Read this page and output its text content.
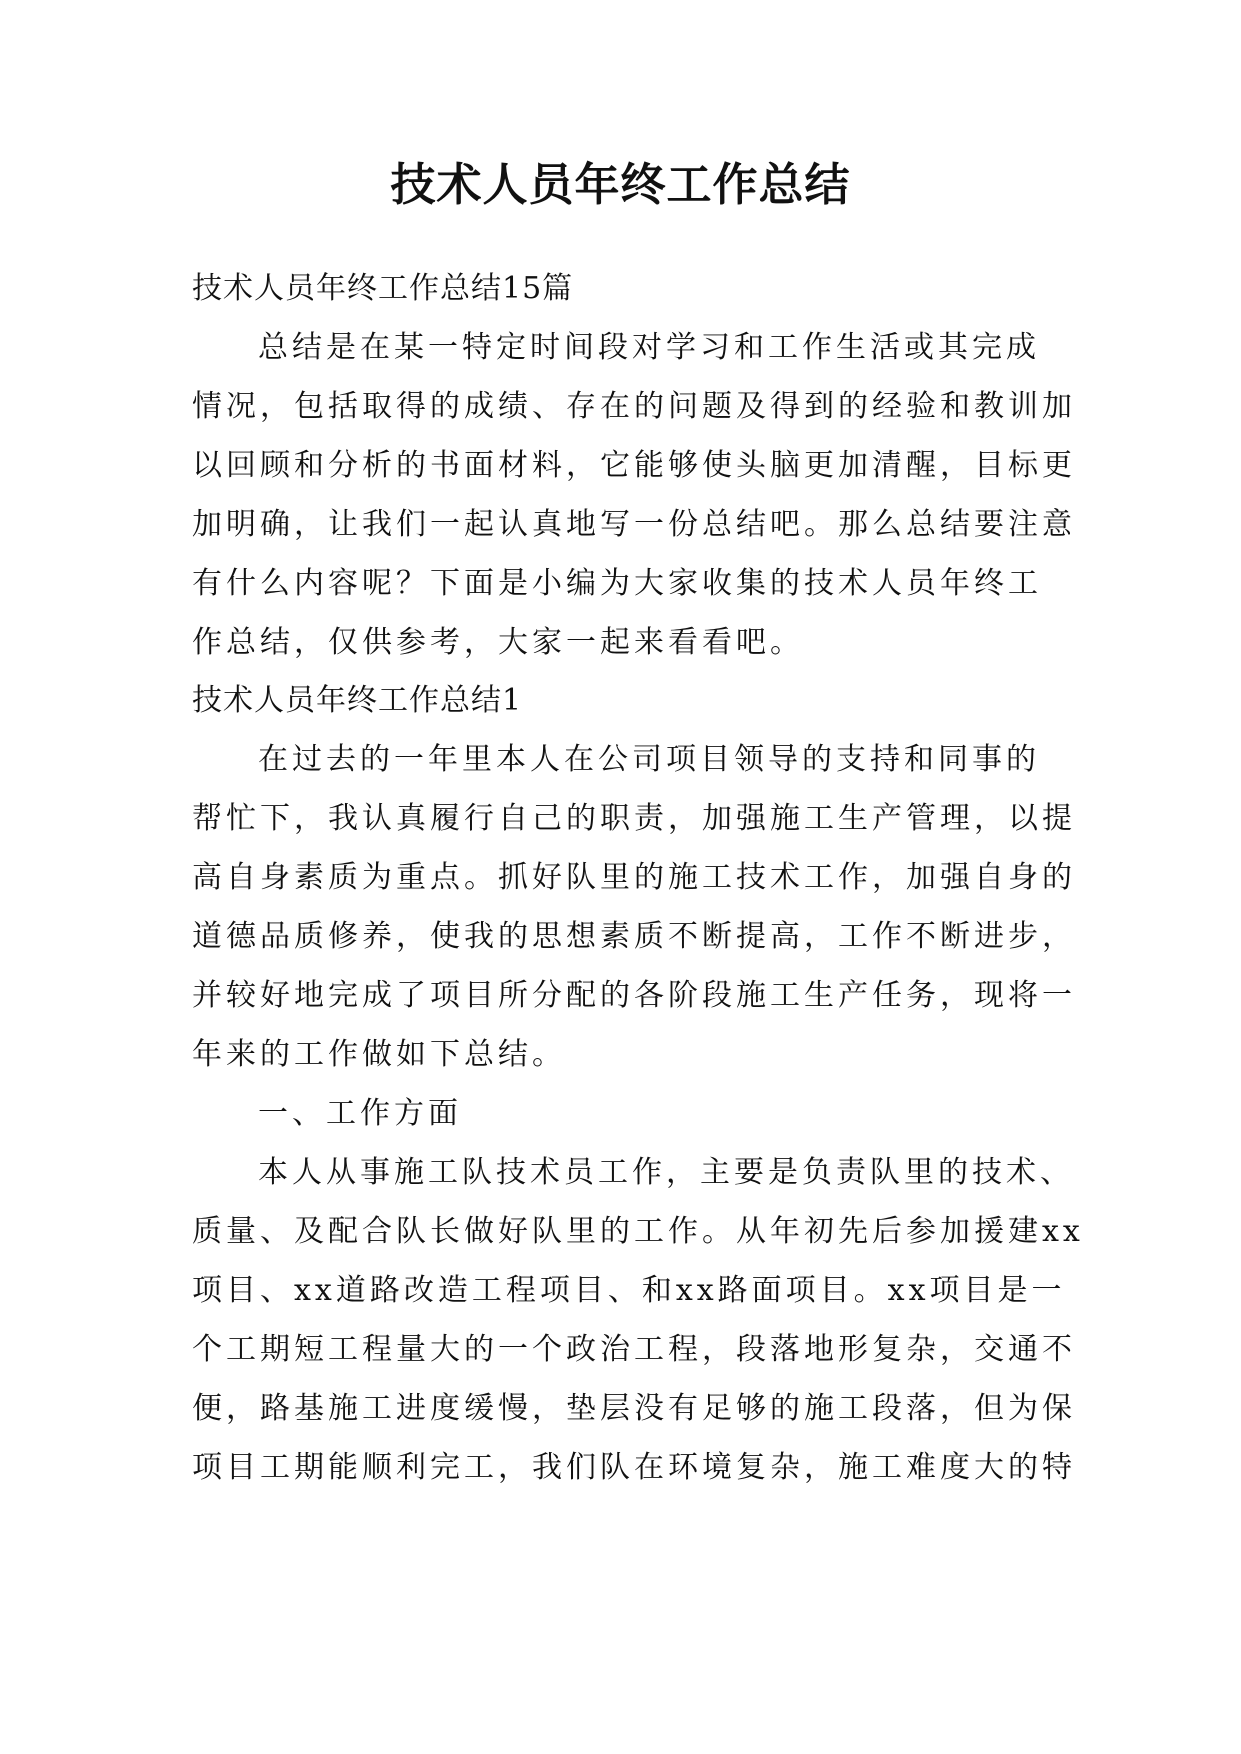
技术人员年终工作总结
技术人员年终工作总结15篇
总结是在某一特定时间段对学习和工作生活或其完成
情况，包括取得的成绩、存在的问题及得到的经验和教训加
以回顾和分析的书面材料，它能够使头脑更加清醒，目标更
加明确，让我们一起认真地写一份总结吧。那么总结要注意
有什么内容呢？下面是小编为大家收集的技术人员年终工
作总结，仅供参考，大家一起来看看吧。
技术人员年终工作总结1
在过去的一年里本人在公司项目领导的支持和同事的
帮忙下，我认真履行自己的职责，加强施工生产管理，以提
高自身素质为重点。抓好队里的施工技术工作，加强自身的
道德品质修养，使我的思想素质不断提高，工作不断进步，
并较好地完成了项目所分配的各阶段施工生产任务，现将一
年来的工作做如下总结。
一、工作方面
本人从事施工队技术员工作，主要是负责队里的技术、
质量、及配合队长做好队里的工作。从年初先后参加援建xx
项目、xx道路改造工程项目、和xx路面项目。xx项目是一
个工期短工程量大的一个政治工程，段落地形复杂，交通不
便，路基施工进度缓慢，垫层没有足够的施工段落，但为保
项目工期能顺利完工，我们队在环境复杂，施工难度大的特
